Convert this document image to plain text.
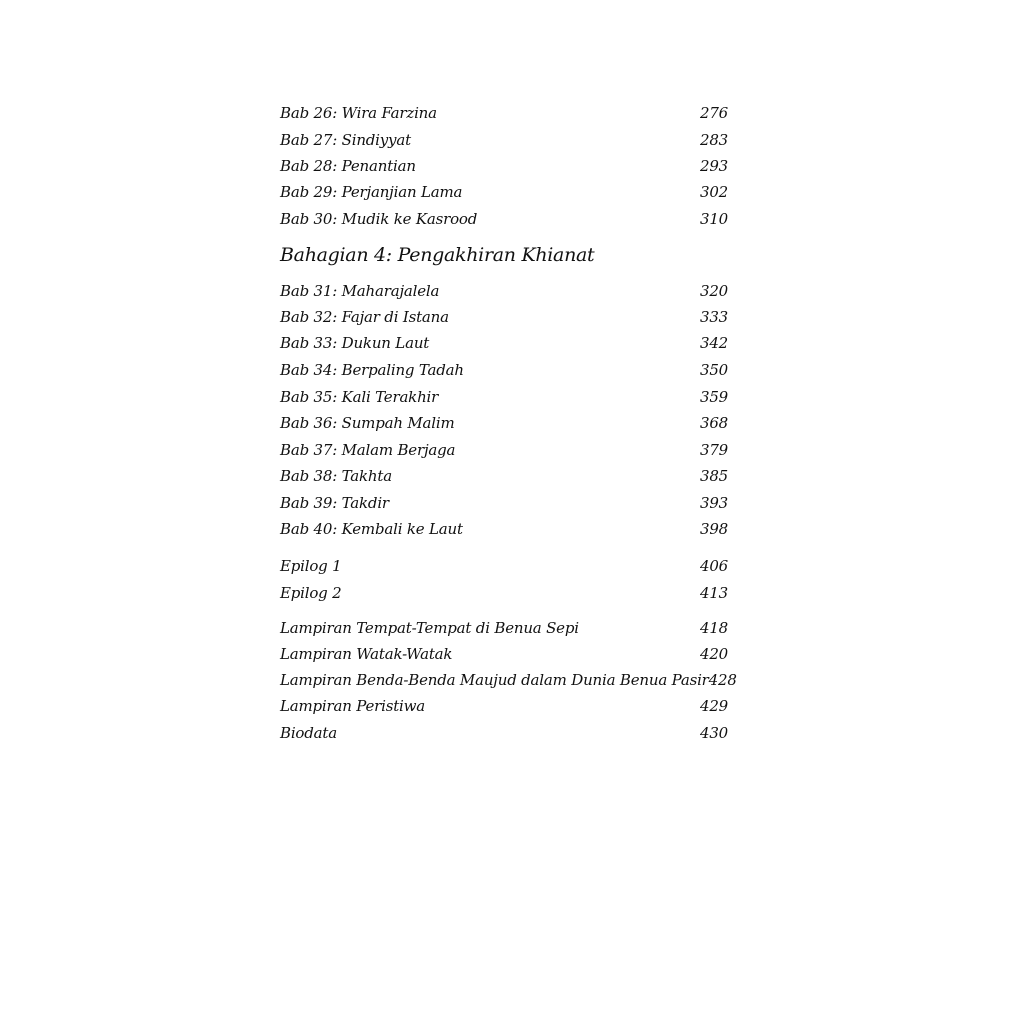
Bab 26: Wira Farzina	276
Bab 27: Sindiyyat	283
Bab 28: Penantian	293
Bab 29: Perjanjian Lama	302
Bab 30: Mudik ke Kasrood	310
Bahagian 4: Pengakhiran Khianat
Bab 31: Maharajalela	320
Bab 32: Fajar di Istana	333
Bab 33: Dukun Laut	342
Bab 34: Berpaling Tadah	350
Bab 35: Kali Terakhir	359
Bab 36: Sumpah Malim	368
Bab 37: Malam Berjaga	379
Bab 38: Takhta	385
Bab 39: Takdir	393
Bab 40: Kembali ke Laut	398
Epilog 1	406
Epilog 2	413
Lampiran Tempat-Tempat di Benua Sepi	418
Lampiran Watak-Watak	420
Lampiran Benda-Benda Maujud dalam Dunia Benua Pasir 428
Lampiran Peristiwa	429
Biodata	430
